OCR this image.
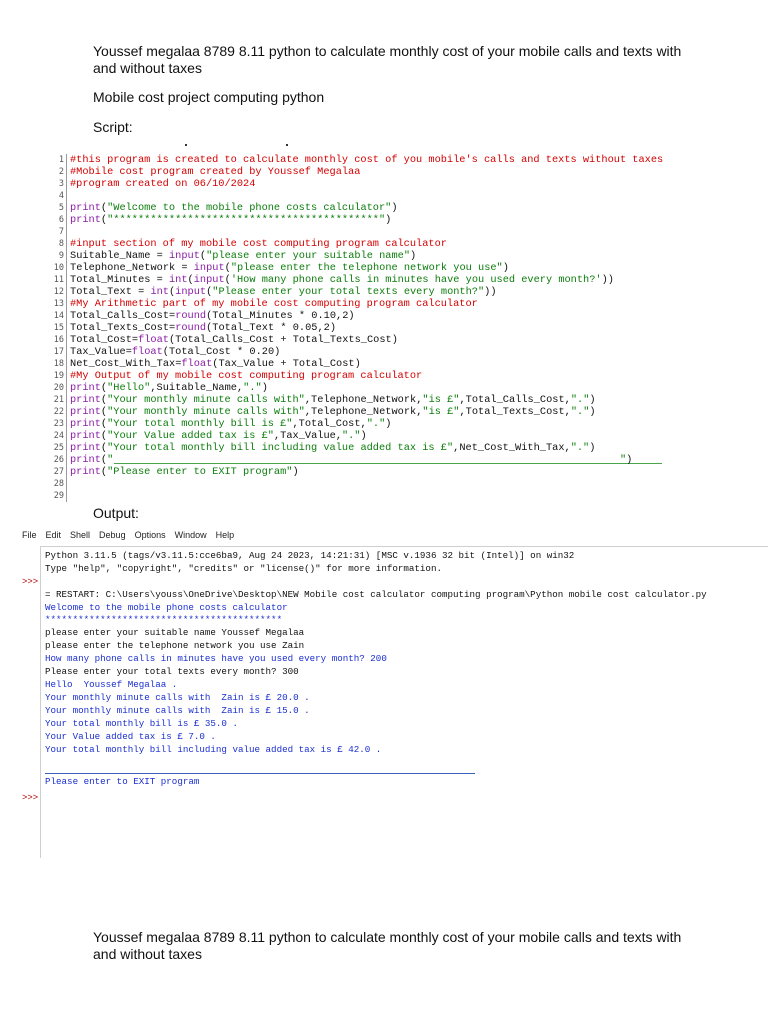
Youssef megalaa 8789 8.11 python to calculate monthly cost of your mobile calls and texts with and without taxes
Mobile cost project computing python
Script:
1 #this program is created to calculate monthly cost of you mobile's calls and texts without taxes
2 #Mobile cost program created by Youssef Megalaa
3 #program created on 06/10/2024
4
5 print("Welcome to the mobile phone costs calculator")
6 print("*******************************************")
7
8 #input section of my mobile cost computing program calculator
9 Suitable_Name = input("please enter your suitable name")
10 Telephone_Network = input("please enter the telephone network you use")
11 Total_Minutes = int(input('How many phone calls in minutes have you used every month?'))
12 Total_Text = int(input("Please enter your total texts every month?"))
13 #My Arithmetic part of my mobile cost computing program calculator
14 Total_Calls_Cost=round(Total_Minutes * 0.10,2)
15 Total_Texts_Cost=round(Total_Text * 0.05,2)
16 Total_Cost=float(Total_Calls_Cost + Total_Texts_Cost)
17 Tax_Value=float(Total_Cost * 0.20)
18 Net_Cost_With_Tax=float(Tax_Value + Total_Cost)
19 #My Output of my mobile cost computing program calculator
20 print("Hello",Suitable_Name,".")
21 print("Your monthly minute calls with",Telephone_Network,"is £",Total_Calls_Cost,".")
22 print("Your monthly minute calls with",Telephone_Network,"is £",Total_Texts_Cost,".")
23 print("Your total monthly bill is £",Total_Cost,".")
24 print("Your Value added tax is £",Tax_Value,".")
25 print("Your total monthly bill including value added tax is £",Net_Cost_With_Tax,".")
26 print("                                                                                  ")
27 print("Please enter to EXIT program")
28
29
Output:
File Edit Shell Debug Options Window Help
>>>
>>>
Python 3.11.5 (tags/v3.11.5:cce6ba9, Aug 24 2023, 14:21:31) [MSC v.1936 32 bit (Intel)] on win32
Type "help", "copyright", "credits" or "license()" for more information.
= RESTART: C:\Users\youss\OneDrive\Desktop\NEW Mobile cost calculator computing program\Python mobile cost calculator.py
Welcome to the mobile phone costs calculator
*******************************************
please enter your suitable name Youssef Megalaa
please enter the telephone network you use Zain
How many phone calls in minutes have you used every month? 200
Please enter your total texts every month? 300
Hello  Youssef Megalaa .
Your monthly minute calls with  Zain is £ 20.0 .
Your monthly minute calls with  Zain is £ 15.0 .
Your total monthly bill is £ 35.0 .
Your Value added tax is £ 7.0 .
Your total monthly bill including value added tax is £ 42.0 .
Please enter to EXIT program
Youssef megalaa 8789 8.11 python to calculate monthly cost of your mobile calls and texts with and without taxes
